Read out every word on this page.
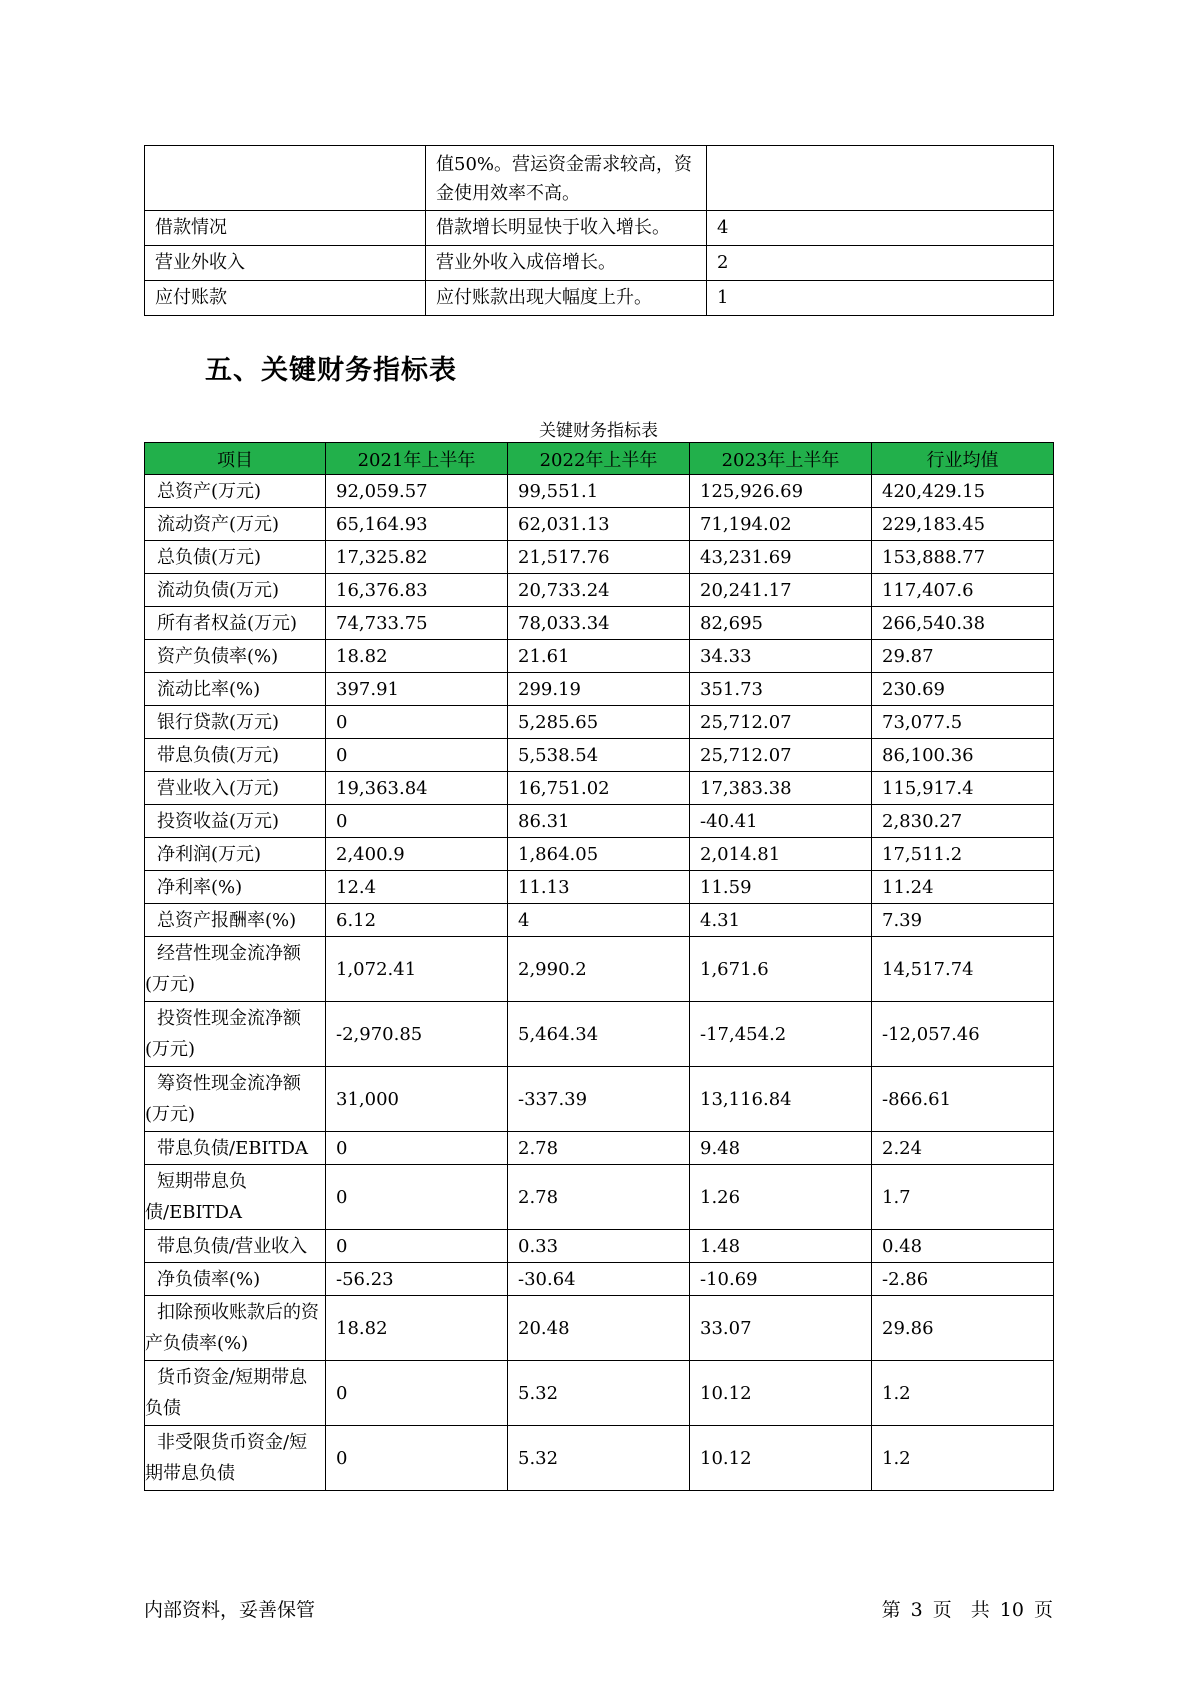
	值50%。营运资金需求较高，资金使用效率不高。	
借款情况	借款增长明显快于收入增长。	4
营业外收入	营业外收入成倍增长。	2
应付账款	应付账款出现大幅度上升。	1
五、关键财务指标表
关键财务指标表
项目	2021年上半年	2022年上半年	2023年上半年	行业均值
总资产(万元)	92,059.57	99,551.1	125,926.69	420,429.15
流动资产(万元)	65,164.93	62,031.13	71,194.02	229,183.45
总负债(万元)	17,325.82	21,517.76	43,231.69	153,888.77
流动负债(万元)	16,376.83	20,733.24	20,241.17	117,407.6
所有者权益(万元)	74,733.75	78,033.34	82,695	266,540.38
资产负债率(%)	18.82	21.61	34.33	29.87
流动比率(%)	397.91	299.19	351.73	230.69
银行贷款(万元)	0	5,285.65	25,712.07	73,077.5
带息负债(万元)	0	5,538.54	25,712.07	86,100.36
营业收入(万元)	19,363.84	16,751.02	17,383.38	115,917.4
投资收益(万元)	0	86.31	-40.41	2,830.27
净利润(万元)	2,400.9	1,864.05	2,014.81	17,511.2
净利率(%)	12.4	11.13	11.59	11.24
总资产报酬率(%)	6.12	4	4.31	7.39
经营性现金流净额(万元)	1,072.41	2,990.2	1,671.6	14,517.74
投资性现金流净额(万元)	-2,970.85	5,464.34	-17,454.2	-12,057.46
筹资性现金流净额(万元)	31,000	-337.39	13,116.84	-866.61
带息负债/EBITDA	0	2.78	9.48	2.24
短期带息负债/EBITDA	0	2.78	1.26	1.7
带息负债/营业收入	0	0.33	1.48	0.48
净负债率(%)	-56.23	-30.64	-10.69	-2.86
扣除预收账款后的资产负债率(%)	18.82	20.48	33.07	29.86
货币资金/短期带息负债	0	5.32	10.12	1.2
非受限货币资金/短期带息负债	0	5.32	10.12	1.2
内部资料，妥善保管	第 3 页　共 10 页
